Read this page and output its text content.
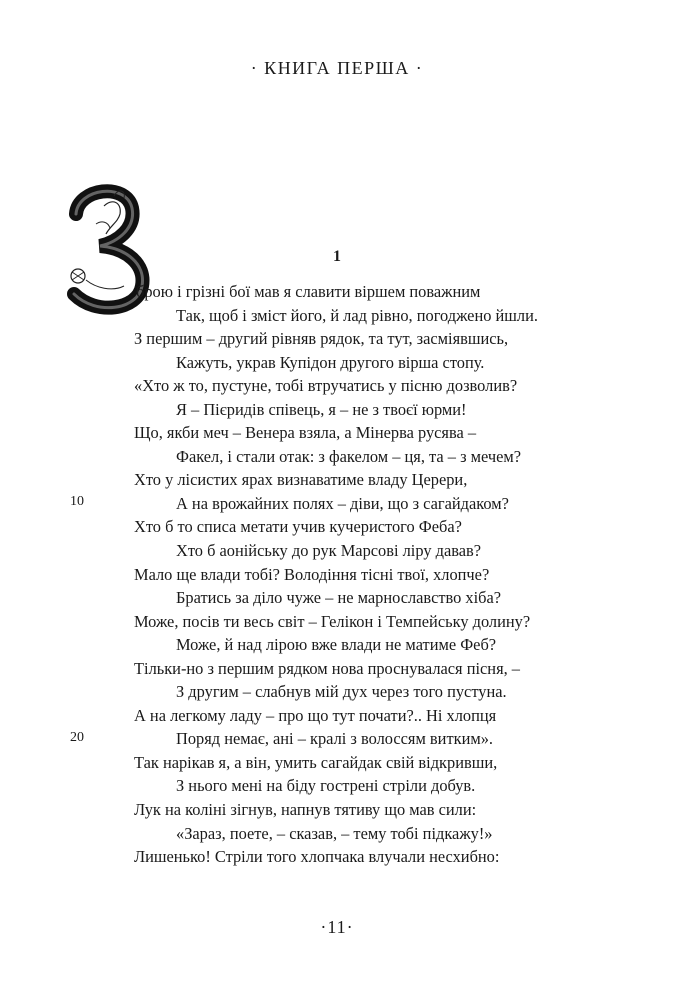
· КНИГА ПЕРША ·
1
10
20
брою і грізні бої мав я славити віршем поважним
Так, щоб і зміст його, й лад рівно, погоджено йшли.
З першим – другий рівняв рядок, та тут, засміявшись,
Кажуть, украв Купідон другого вірша стопу.
«Хто ж то, пустуне, тобі втручатись у пісню дозволив?
Я – Пієридів співець, я – не з твоєї юрми!
Що, якби меч – Венера взяла, а Мінерва русява –
Факел, і стали отак: з факелом – ця, та – з мечем?
Хто у лісистих ярах визнаватиме владу Церери,
А на врожайних полях – діви, що з сагайдаком?
Хто б то списа метати учив кучеристого Феба?
Хто б аонійську до рук Марсові ліру давав?
Мало ще влади тобі? Володіння тісні твої, хлопче?
Братись за діло чуже – не марнославство хіба?
Може, посів ти весь світ – Гелікон і Темпейську долину?
Може, й над лірою вже влади не матиме Феб?
Тільки-но з першим рядком нова проснувалася пісня, –
З другим – слабнув мій дух через того пустуна.
А на легкому ладу – про що тут почати?.. Ні хлопця
Поряд немає, ані – кралі з волоссям витким».
Так нарікав я, а він, умить сагайдак свій відкривши,
З нього мені на біду гострені стріли добув.
Лук на коліні зігнув, напнув тятиву що мав сили:
«Зараз, поете, – сказав, – тему тобі підкажу!»
Лишенько! Стріли того хлопчака влучали несхибно:
·11·
